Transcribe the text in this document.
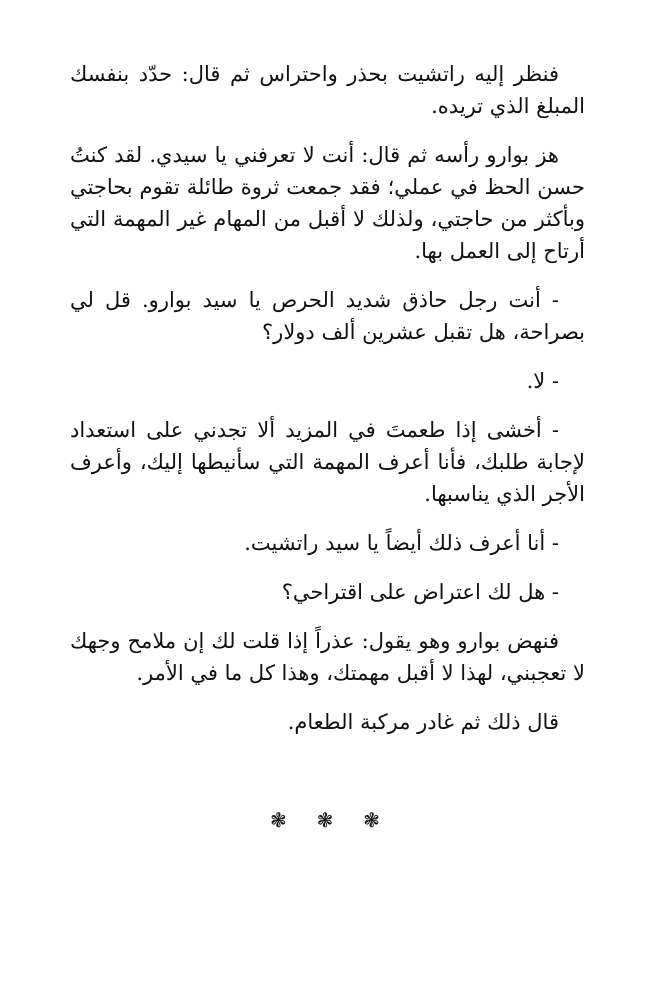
فنظر إليه راتشيت بحذر واحتراس ثم قال: حدّد بنفسك المبلغ الذي تريده.

هز بوارو رأسه ثم قال: أنت لا تعرفني يا سيدي. لقد كنتُ حسن الحظ في عملي؛ فقد جمعت ثروة طائلة تقوم بحاجتي وبأكثر من حاجتي، ولذلك لا أقبل من المهام غير المهمة التي أرتاح إلى العمل بها.

- أنت رجل حاذق شديد الحرص يا سيد بوارو. قل لي بصراحة، هل تقبل عشرين ألف دولار؟

- لا.

- أخشى إذا طعمتَ في المزيد ألا تجدني على استعداد لإجابة طلبك، فأنا أعرف المهمة التي سأنيطها إليك، وأعرف الأجر الذي يناسبها.

- أنا أعرف ذلك أيضاً يا سيد راتشيت.

- هل لك اعتراض على اقتراحي؟

فنهض بوارو وهو يقول: عذراً إذا قلت لك إن ملامح وجهك لا تعجبني، لهذا لا أقبل مهمتك، وهذا كل ما في الأمر.

قال ذلك ثم غادر مركبة الطعام.

❃ ❃ ❃
